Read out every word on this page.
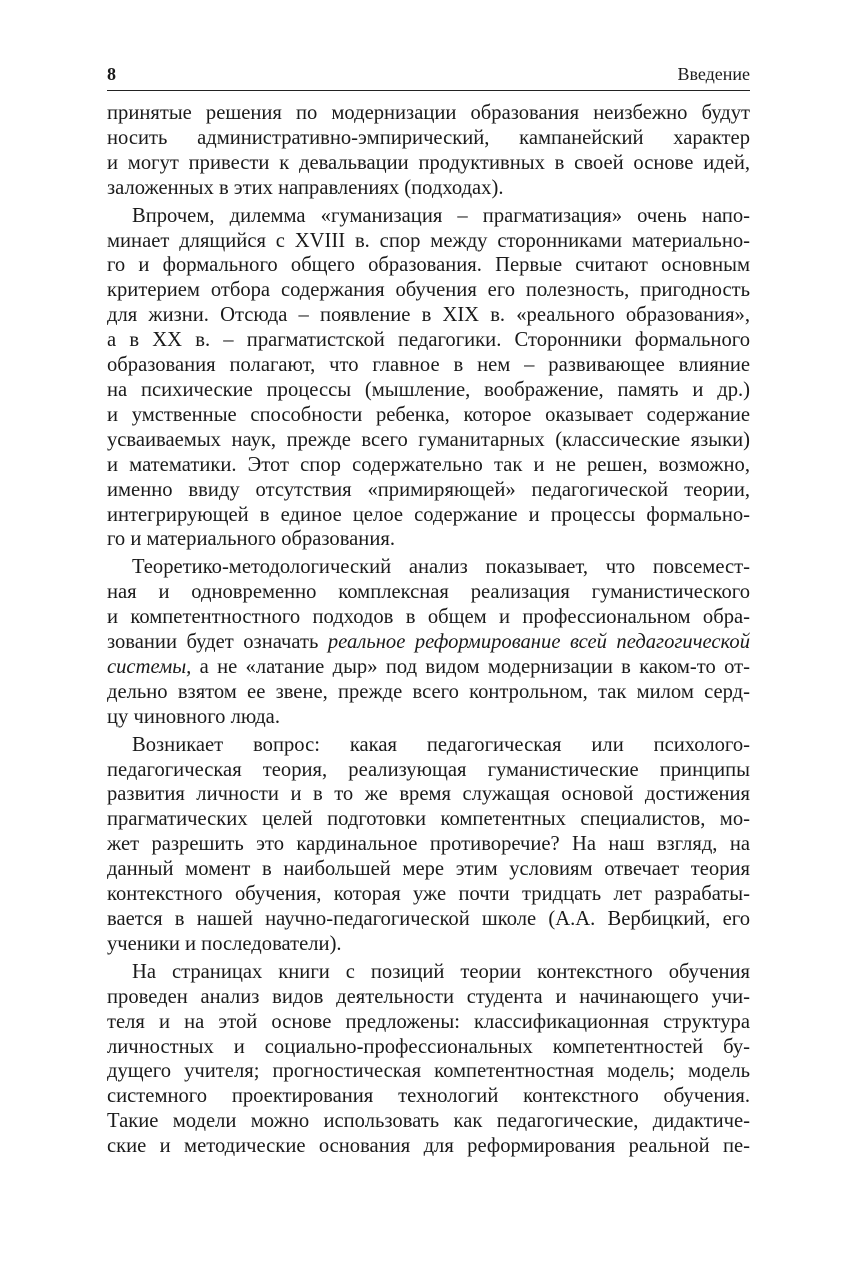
8	Введение
принятые решения по модернизации образования неизбежно будут
носить административно-эмпирический, кампанейский характер
и могут привести к девальвации продуктивных в своей основе идей,
заложенных в этих направлениях (подходах).
Впрочем, дилемма «гуманизация – прагматизация» очень напо-
минает длящийся с XVIII в. спор между сторонниками материально-
го и формального общего образования. Первые считают основным
критерием отбора содержания обучения его полезность, пригодность
для жизни. Отсюда – появление в XIX в. «реального образования»,
а в XX в. – прагматистской педагогики. Сторонники формального
образования полагают, что главное в нем – развивающее влияние
на психические процессы (мышление, воображение, память и др.)
и умственные способности ребенка, которое оказывает содержание
усваиваемых наук, прежде всего гуманитарных (классические языки)
и математики. Этот спор содержательно так и не решен, возможно,
именно ввиду отсутствия «примиряющей» педагогической теории,
интегрирующей в единое целое содержание и процессы формально-
го и материального образования.
Теоретико-методологический анализ показывает, что повсемест-
ная и одновременно комплексная реализация гуманистического
и компетентностного подходов в общем и профессиональном обра-
зовании будет означать реальное реформирование всей педагогической
системы, а не «латание дыр» под видом модернизации в каком-то от-
дельно взятом ее звене, прежде всего контрольном, так милом серд-
цу чиновного люда.
Возникает вопрос: какая педагогическая или психолого-
педагогическая теория, реализующая гуманистические принципы
развития личности и в то же время служащая основой достижения
прагматических целей подготовки компетентных специалистов, мо-
жет разрешить это кардинальное противоречие? На наш взгляд, на
данный момент в наибольшей мере этим условиям отвечает теория
контекстного обучения, которая уже почти тридцать лет разрабаты-
вается в нашей научно-педагогической школе (А.А. Вербицкий, его
ученики и последователи).
На страницах книги с позиций теории контекстного обучения
проведен анализ видов деятельности студента и начинающего учи-
теля и на этой основе предложены: классификационная структура
личностных и социально-профессиональных компетентностей бу-
дущего учителя; прогностическая компетентностная модель; модель
системного проектирования технологий контекстного обучения.
Такие модели можно использовать как педагогические, дидактиче-
ские и методические основания для реформирования реальной пе-
